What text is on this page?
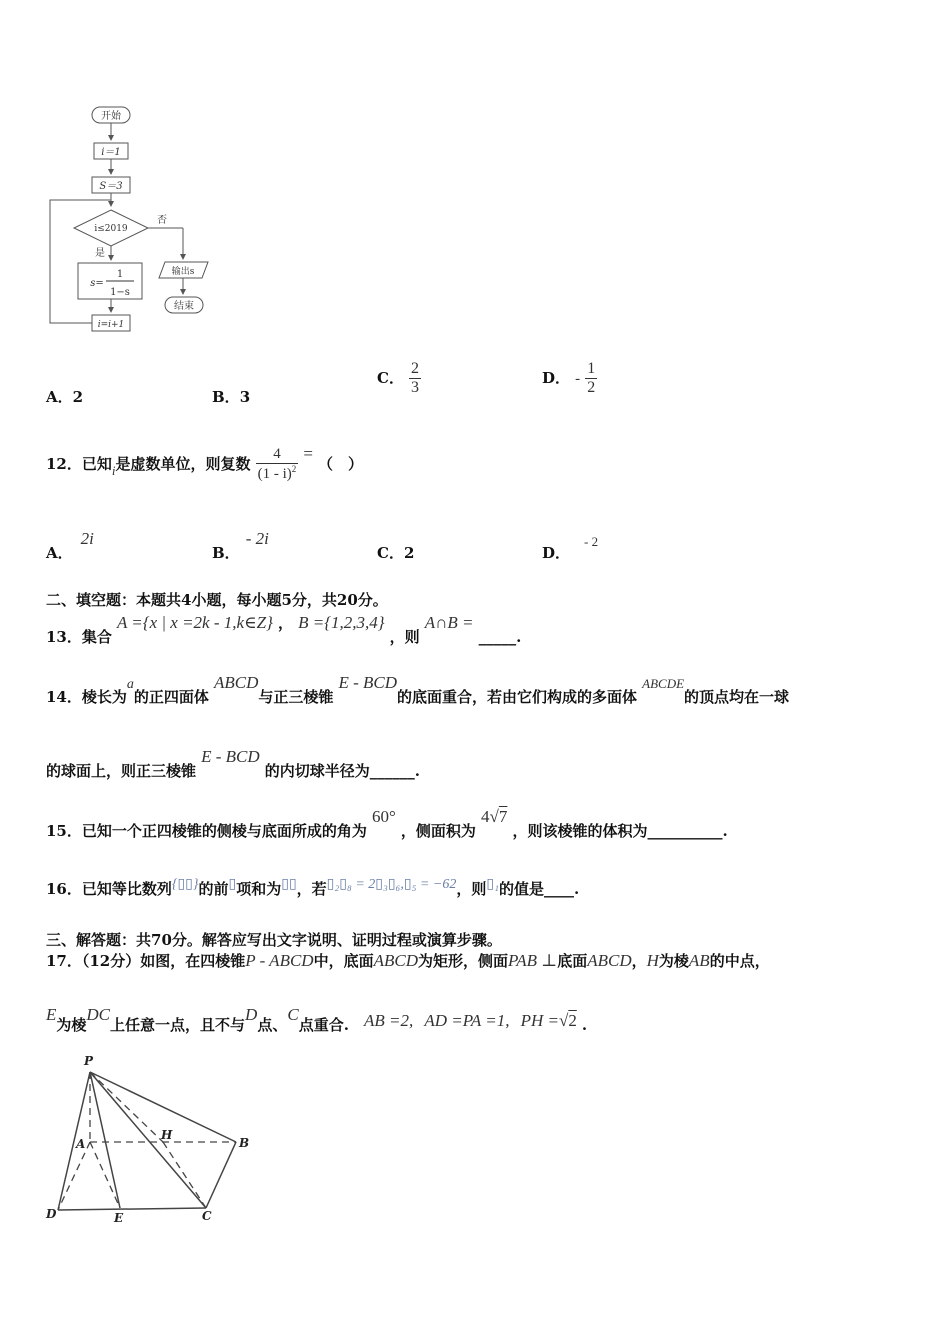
开始
i＝1
S＝3
i≤2019
否
是
s=
1
1−s
输出s
结束
i=i+1
A．2	B．3
C． $\frac{2}{3}$	D． - $\frac{1}{2}$
12．已知$_i$是虚数单位，则复数 $\frac{4}{(1 - i)^2}$ = （　）
A．2i
B．- 2i
C．2	D．- 2
二、填空题：本题共4小题，每小题5分，共20分。
13．集合 A ={x | x =2k - 1,k∈Z} ， B ={1,2,3,4} ，则 A∩B = _____.
14．棱长为a的正四面体 ABCD与正三棱锥 E - BCD的底面重合，若由它们构成的多面体 ABCDE的顶点均在一球
的球面上，则正三棱锥 E - BCD 的内切球半径为______.
15．已知一个正四棱锥的侧棱与底面所成的角为 60° ，侧面积为 4√7 ，则该棱锥的体积为__________.
16．已知等比数列{▯▯}的前▯项和为▯▯，若▯₂▯₈ = 2▯₃▯₆,▯₅ = −62，则▯₁的值是____.
三、解答题：共70分。解答应写出文字说明、证明过程或演算步骤。
17．（12分）如图，在四棱锥P - ABCD中，底面ABCD为矩形，侧面PAB ⊥底面ABCD，H为棱AB的中点，
E为棱DC上任意一点，且不与D点、C点重合. AB =2, AD =PA =1, PH =√2 .
P
A
H
B
D	E	C
